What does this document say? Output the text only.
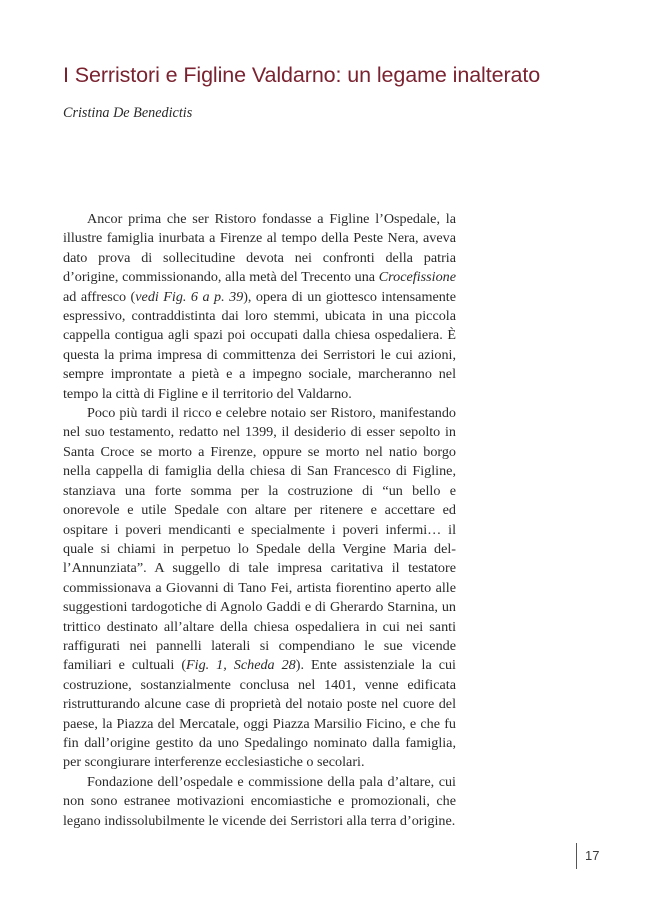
I Serristori e Figline Valdarno: un legame inalterato

Cristina De Benedictis

Ancor prima che ser Ristoro fondasse a Figline l’Ospedale, la illustre famiglia inurbata a Firenze al tempo della Peste Nera, aveva dato prova di sollecitudine devota nei confronti della patria d’origine, commissionando, alla metà del Trecento una Crocefissione ad affresco (vedi Fig. 6 a p. 39), opera di un giottesco intensamente espressivo, contraddistinta dai loro stemmi, ubicata in una piccola cappella contigua agli spazi poi occupati dalla chiesa ospedaliera. È questa la prima impresa di committenza dei Serristori le cui azioni, sempre improntate a pietà e a impegno sociale, marcheranno nel tempo la città di Figline e il territorio del Valdarno.

Poco più tardi il ricco e celebre notaio ser Ristoro, manifestando nel suo testamento, redatto nel 1399, il desiderio di esser sepolto in Santa Croce se morto a Firenze, oppure se morto nel natio borgo nella cappella di famiglia della chiesa di San Francesco di Figline, stanziava una forte somma per la costruzione di “un bello e onorevole e utile Spedale con altare per ritenere e accettare ed ospitare i poveri mendicanti e specialmente i poveri infermi… il quale si chiami in perpetuo lo Spedale della Vergine Maria dell’Annunziata”. A suggello di tale impresa caritativa il testatore commissionava a Giovanni di Tano Fei, artista fiorentino aperto alle suggestioni tardogotiche di Agnolo Gaddi e di Gherardo Starnina, un trittico destinato all’altare della chiesa ospedaliera in cui nei santi raffigurati nei pannelli laterali si compendiano le sue vicende familiari e cultuali (Fig. 1, Scheda 28). Ente assistenziale la cui costruzione, sostanzialmente conclusa nel 1401, venne edificata ristrutturando alcune case di proprietà del notaio poste nel cuore del paese, la Piazza del Mercatale, oggi Piazza Marsilio Ficino, e che fu fin dall’origine gestito da uno Spedalingo nominato dalla famiglia, per scongiurare interferenze ecclesiastiche o secolari.

Fondazione dell’ospedale e commissione della pala d’altare, cui non sono estranee motivazioni encomiastiche e promozionali, che legano indissolubilmente le vicende dei Serristori alla terra d’origine.

17
